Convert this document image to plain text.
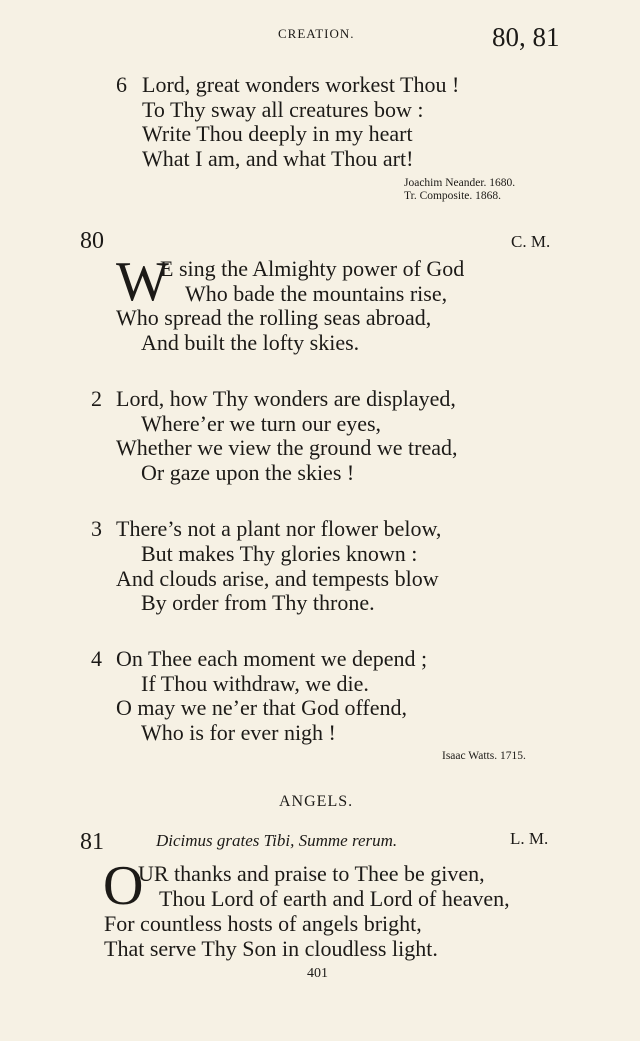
CREATION.	80, 81
6 Lord, great wonders workest Thou !
To Thy sway all creatures bow :
Write Thou deeply in my heart
What I am, and what Thou art!
Joachim Neander. 1680.
Tr. Composite. 1868.
80	C. M.
W
E sing the Almighty power of God
Who bade the mountains rise,
Who spread the rolling seas abroad,
And built the lofty skies.
2 Lord, how Thy wonders are displayed,
Where’er we turn our eyes,
Whether we view the ground we tread,
Or gaze upon the skies !
3 There’s not a plant nor flower below,
But makes Thy glories known :
And clouds arise, and tempests blow
By order from Thy throne.
4 On Thee each moment we depend ;
If Thou withdraw, we die.
O may we ne’er that God offend,
Who is for ever nigh !
Isaac Watts. 1715.
ANGELS.
81	Dicimus grates Tibi, Summe rerum.	L. M.
O
UR thanks and praise to Thee be given,
Thou Lord of earth and Lord of heaven,
For countless hosts of angels bright,
That serve Thy Son in cloudless light.
401
